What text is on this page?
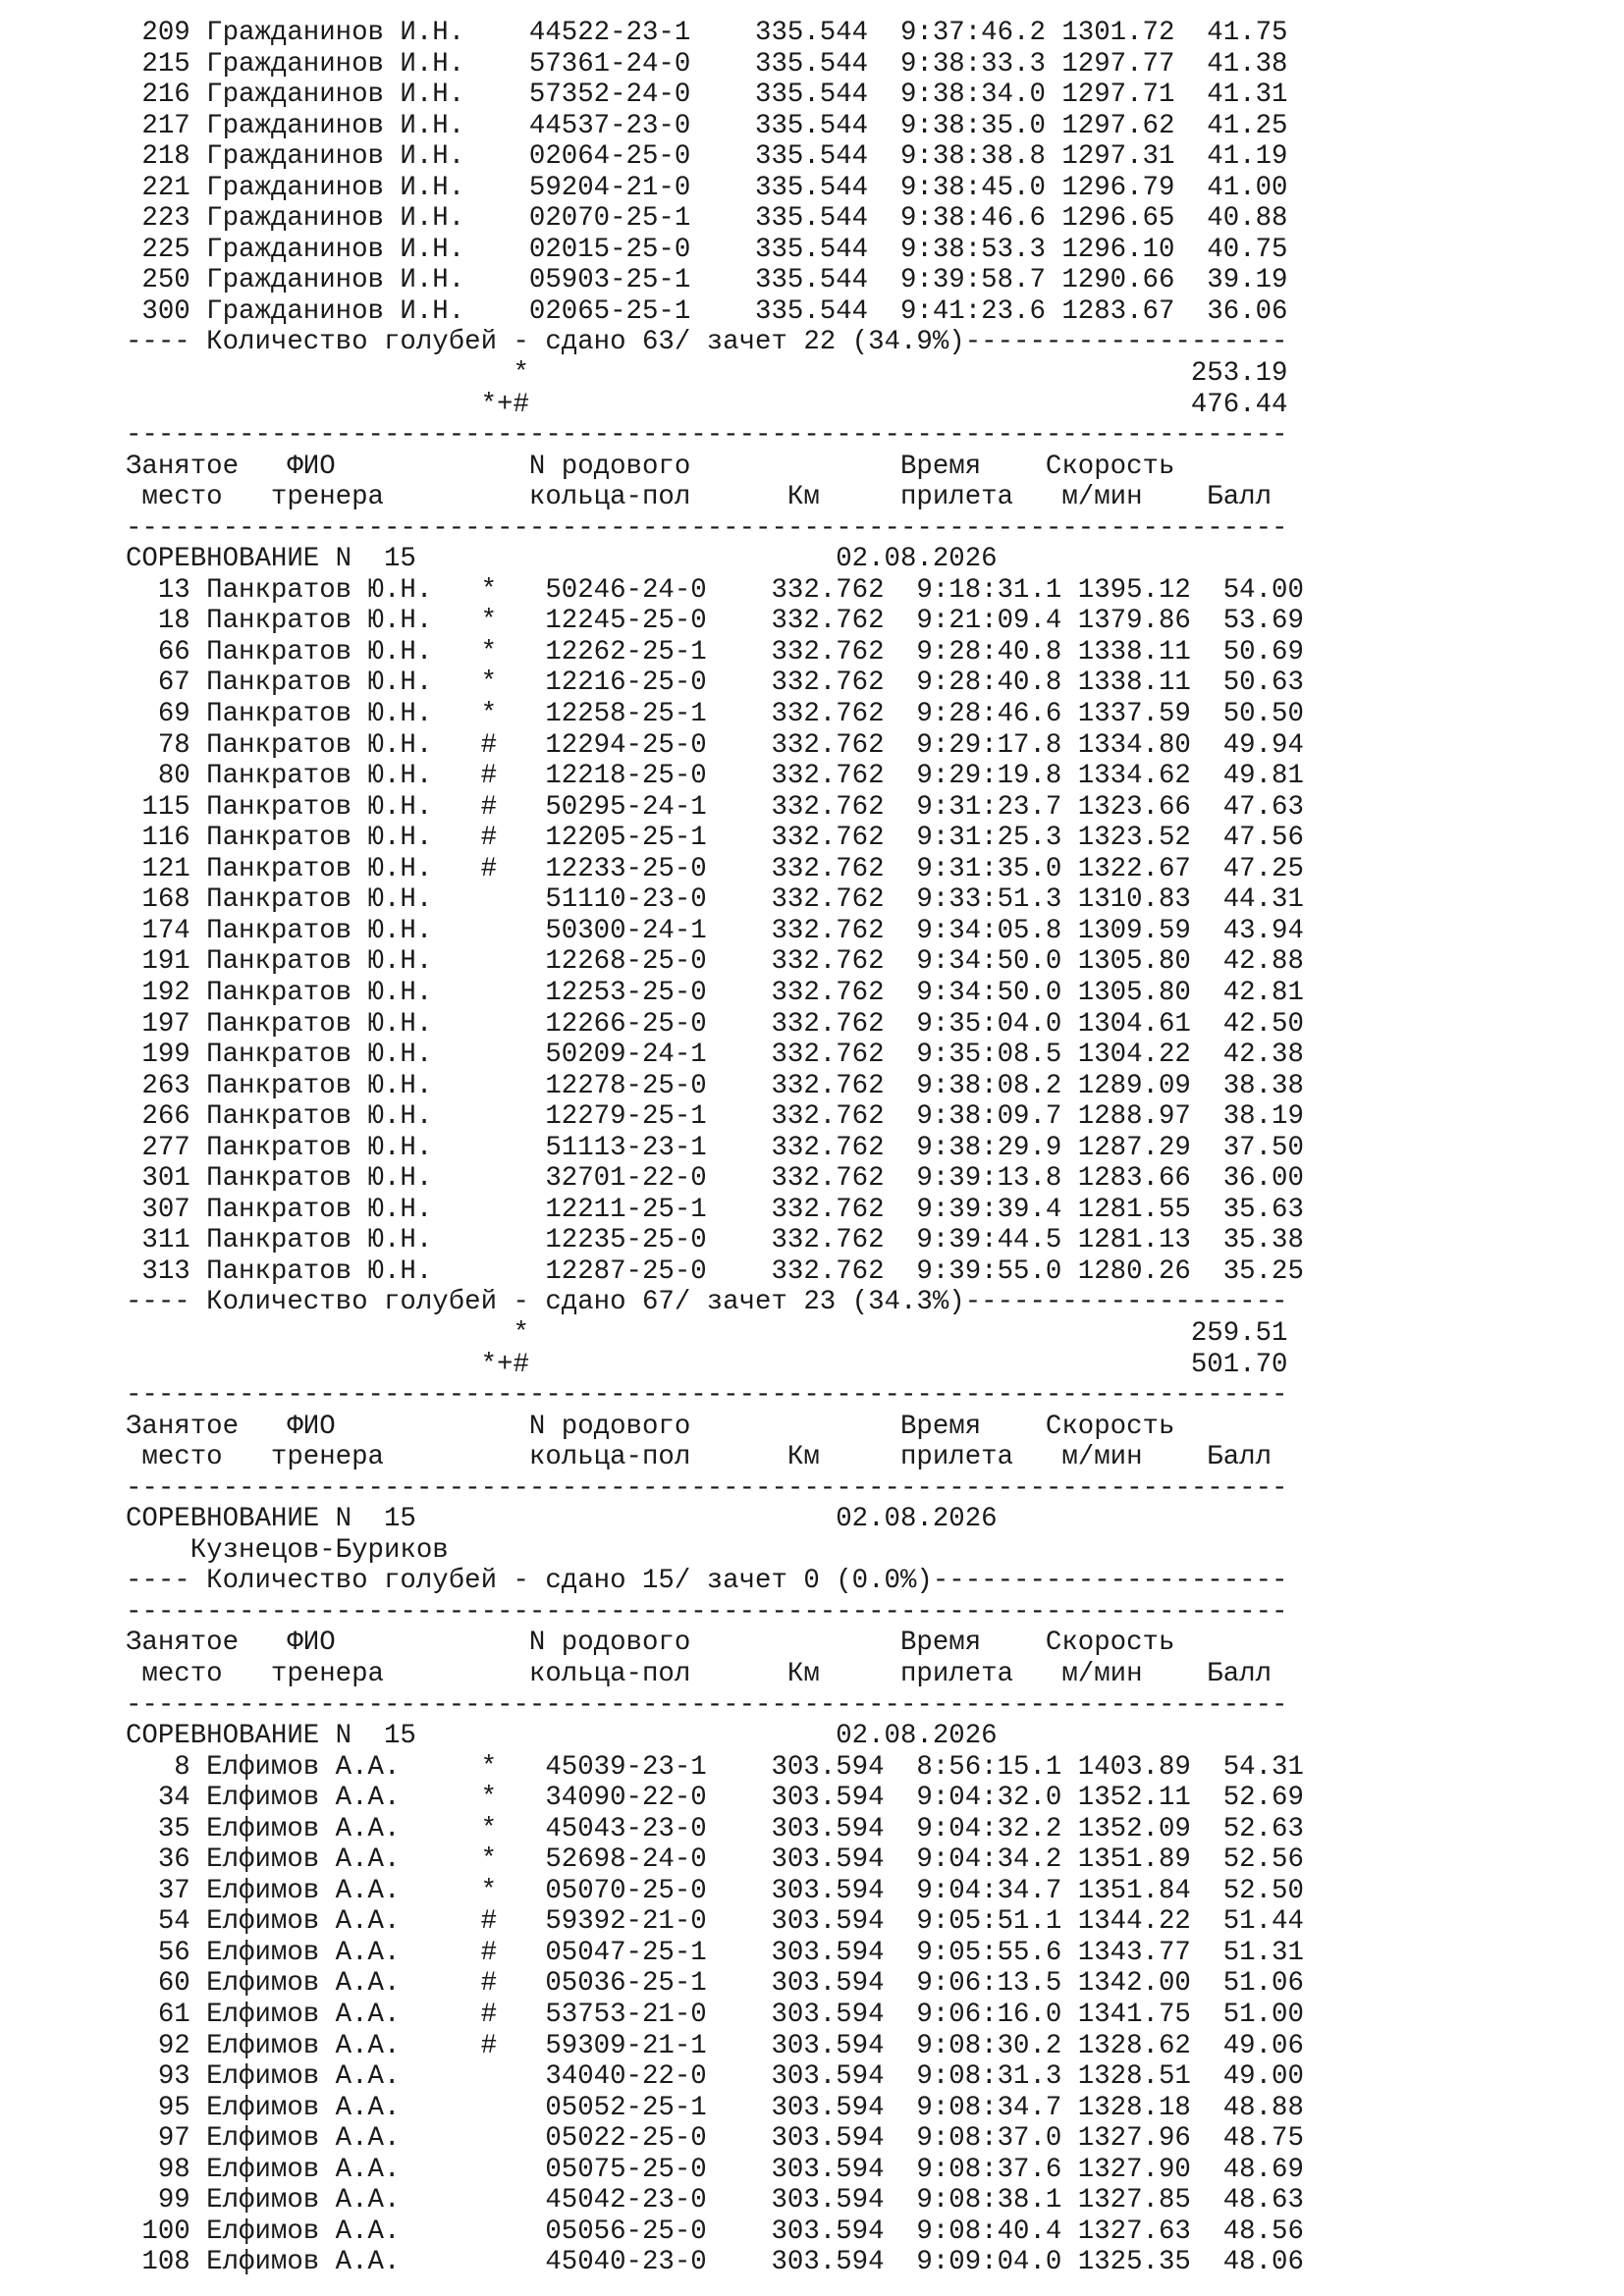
209 Гражданинов И.Н.    44522-23-1    335.544  9:37:46.2 1301.72  41.75
215 Гражданинов И.Н.    57361-24-0    335.544  9:38:33.3 1297.77  41.38
216 Гражданинов И.Н.    57352-24-0    335.544  9:38:34.0 1297.71  41.31
217 Гражданинов И.Н.    44537-23-0    335.544  9:38:35.0 1297.62  41.25
218 Гражданинов И.Н.    02064-25-0    335.544  9:38:38.8 1297.31  41.19
221 Гражданинов И.Н.    59204-21-0    335.544  9:38:45.0 1296.79  41.00
223 Гражданинов И.Н.    02070-25-1    335.544  9:38:46.6 1296.65  40.88
225 Гражданинов И.Н.    02015-25-0    335.544  9:38:53.3 1296.10  40.75
250 Гражданинов И.Н.    05903-25-1    335.544  9:39:58.7 1290.66  39.19
300 Гражданинов И.Н.    02065-25-1    335.544  9:41:23.6 1283.67  36.06
---- Количество голубей - сдано 63/ зачет 22 (34.9%)--------------------
*                                         253.19
*+#                                         476.44
------------------------------------------------------------------------
Занятое   ФИО            N родового             Время    Скорость
место   тренера         кольца-пол      Км     прилета   м/мин    Балл
------------------------------------------------------------------------
СОРЕВНОВАНИЕ N  15                          02.08.2026
13 Панкратов Ю.Н.   *   50246-24-0    332.762  9:18:31.1 1395.12  54.00
18 Панкратов Ю.Н.   *   12245-25-0    332.762  9:21:09.4 1379.86  53.69
66 Панкратов Ю.Н.   *   12262-25-1    332.762  9:28:40.8 1338.11  50.69
67 Панкратов Ю.Н.   *   12216-25-0    332.762  9:28:40.8 1338.11  50.63
69 Панкратов Ю.Н.   *   12258-25-1    332.762  9:28:46.6 1337.59  50.50
78 Панкратов Ю.Н.   #   12294-25-0    332.762  9:29:17.8 1334.80  49.94
80 Панкратов Ю.Н.   #   12218-25-0    332.762  9:29:19.8 1334.62  49.81
115 Панкратов Ю.Н.   #   50295-24-1    332.762  9:31:23.7 1323.66  47.63
116 Панкратов Ю.Н.   #   12205-25-1    332.762  9:31:25.3 1323.52  47.56
121 Панкратов Ю.Н.   #   12233-25-0    332.762  9:31:35.0 1322.67  47.25
168 Панкратов Ю.Н.       51110-23-0    332.762  9:33:51.3 1310.83  44.31
174 Панкратов Ю.Н.       50300-24-1    332.762  9:34:05.8 1309.59  43.94
191 Панкратов Ю.Н.       12268-25-0    332.762  9:34:50.0 1305.80  42.88
192 Панкратов Ю.Н.       12253-25-0    332.762  9:34:50.0 1305.80  42.81
197 Панкратов Ю.Н.       12266-25-0    332.762  9:35:04.0 1304.61  42.50
199 Панкратов Ю.Н.       50209-24-1    332.762  9:35:08.5 1304.22  42.38
263 Панкратов Ю.Н.       12278-25-0    332.762  9:38:08.2 1289.09  38.38
266 Панкратов Ю.Н.       12279-25-1    332.762  9:38:09.7 1288.97  38.19
277 Панкратов Ю.Н.       51113-23-1    332.762  9:38:29.9 1287.29  37.50
301 Панкратов Ю.Н.       32701-22-0    332.762  9:39:13.8 1283.66  36.00
307 Панкратов Ю.Н.       12211-25-1    332.762  9:39:39.4 1281.55  35.63
311 Панкратов Ю.Н.       12235-25-0    332.762  9:39:44.5 1281.13  35.38
313 Панкратов Ю.Н.       12287-25-0    332.762  9:39:55.0 1280.26  35.25
---- Количество голубей - сдано 67/ зачет 23 (34.3%)--------------------
*                                         259.51
*+#                                         501.70
------------------------------------------------------------------------
Занятое   ФИО            N родового             Время    Скорость
место   тренера         кольца-пол      Км     прилета   м/мин    Балл
------------------------------------------------------------------------
СОРЕВНОВАНИЕ N  15                          02.08.2026
Кузнецов-Буриков
---- Количество голубей - сдано 15/ зачет 0 (0.0%)----------------------
------------------------------------------------------------------------
Занятое   ФИО            N родового             Время    Скорость
место   тренера         кольца-пол      Км     прилета   м/мин    Балл
------------------------------------------------------------------------
СОРЕВНОВАНИЕ N  15                          02.08.2026
8 Елфимов А.А.     *   45039-23-1    303.594  8:56:15.1 1403.89  54.31
34 Елфимов А.А.     *   34090-22-0    303.594  9:04:32.0 1352.11  52.69
35 Елфимов А.А.     *   45043-23-0    303.594  9:04:32.2 1352.09  52.63
36 Елфимов А.А.     *   52698-24-0    303.594  9:04:34.2 1351.89  52.56
37 Елфимов А.А.     *   05070-25-0    303.594  9:04:34.7 1351.84  52.50
54 Елфимов А.А.     #   59392-21-0    303.594  9:05:51.1 1344.22  51.44
56 Елфимов А.А.     #   05047-25-1    303.594  9:05:55.6 1343.77  51.31
60 Елфимов А.А.     #   05036-25-1    303.594  9:06:13.5 1342.00  51.06
61 Елфимов А.А.     #   53753-21-0    303.594  9:06:16.0 1341.75  51.00
92 Елфимов А.А.     #   59309-21-1    303.594  9:08:30.2 1328.62  49.06
93 Елфимов А.А.         34040-22-0    303.594  9:08:31.3 1328.51  49.00
95 Елфимов А.А.         05052-25-1    303.594  9:08:34.7 1328.18  48.88
97 Елфимов А.А.         05022-25-0    303.594  9:08:37.0 1327.96  48.75
98 Елфимов А.А.         05075-25-0    303.594  9:08:37.6 1327.90  48.69
99 Елфимов А.А.         45042-23-0    303.594  9:08:38.1 1327.85  48.63
100 Елфимов А.А.         05056-25-0    303.594  9:08:40.4 1327.63  48.56
108 Елфимов А.А.         45040-23-0    303.594  9:09:04.0 1325.35  48.06
